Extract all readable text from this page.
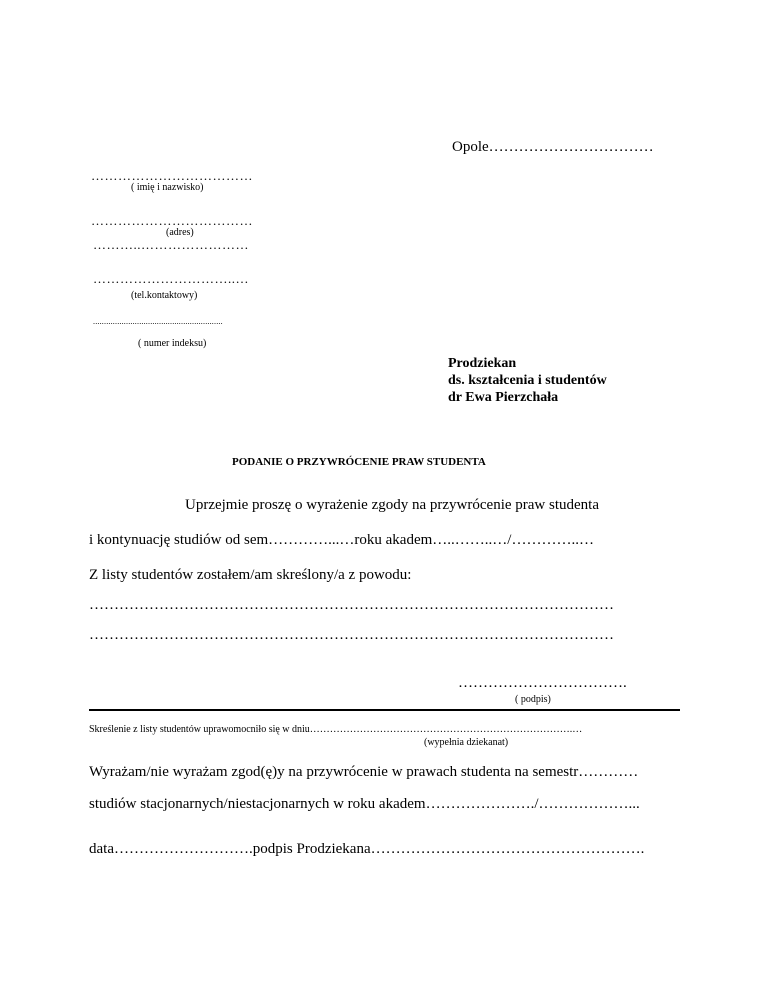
Opole……………………………
………………………………
( imię i nazwisko)
………………………………
(adres)
………..……………………
…………………………..…
(tel.kontaktowy)
...........................................................
( numer indeksu)
Prodziekan
ds. kształcenia i studentów
dr Ewa Pierzchała
PODANIE O PRZYWRÓCENIE PRAW STUDENTA
Uprzejmie proszę o wyrażenie zgody na przywrócenie praw studenta
i kontynuację studiów od sem…………...…roku akadem…..……..…/…………..…
Z listy studentów zostałem/am skreślony/a z powodu:
……………………………………………………………………………………………
……………………………………………………………………………………………
…………………………….
( podpis)
Skreślenie z listy studentów uprawomocniło się w dniu…………………………………………………………………….…
(wypełnia dziekanat)
Wyrażam/nie wyrażam zgod(ę)y na przywrócenie w prawach studenta na semestr…………
studiów stacjonarnych/niestacjonarnych w roku akadem…………………./………………...
data……………………….podpis Prodziekana……………………………………………….
